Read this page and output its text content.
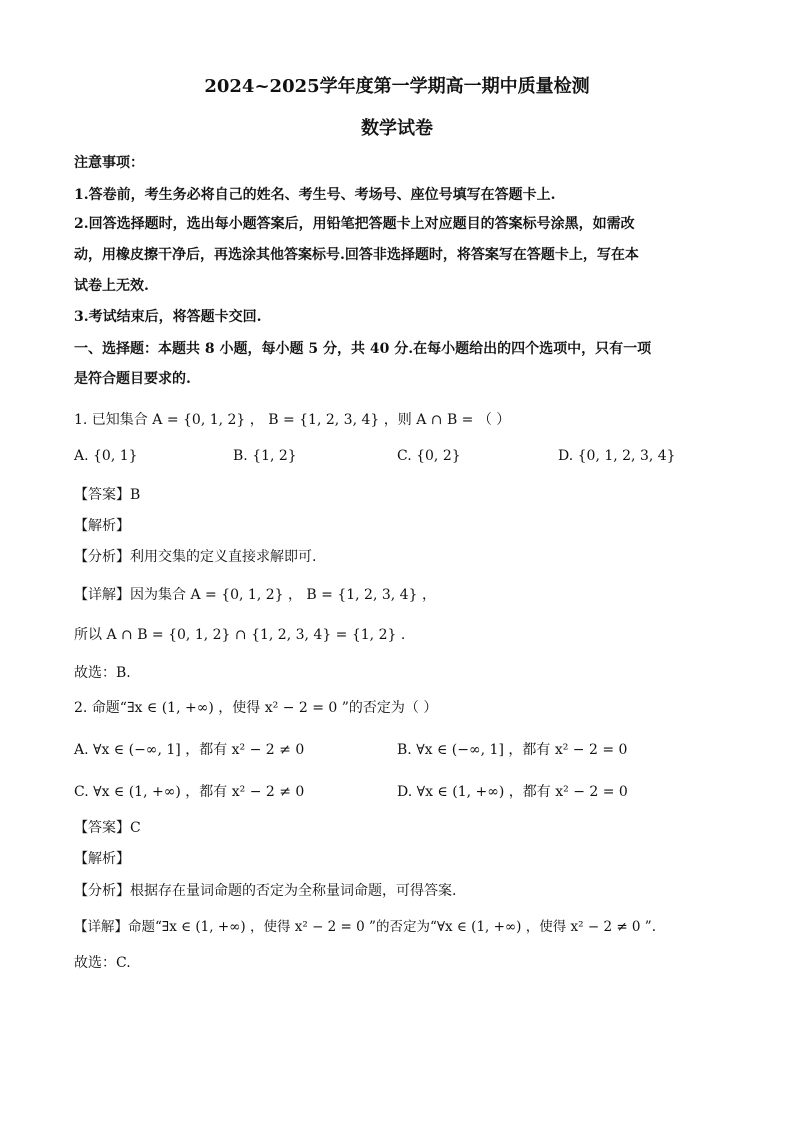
2024~2025学年度第一学期高一期中质量检测
数学试卷
注意事项：
1.答卷前，考生务必将自己的姓名、考生号、考场号、座位号填写在答题卡上.
2.回答选择题时，选出每小题答案后，用铅笔把答题卡上对应题目的答案标号涂黑，如需改
动，用橡皮擦干净后，再选涂其他答案标号.回答非选择题时，将答案写在答题卡上，写在本
试卷上无效.
3.考试结束后，将答题卡交回.
一、选择题：本题共 8 小题，每小题 5 分，共 40 分.在每小题给出的四个选项中，只有一项
是符合题目要求的.
1. 已知集合 A = {0, 1, 2} ， B = {1, 2, 3, 4} ，则 A ∩ B = （ ）
A. {0, 1}	B. {1, 2}	C. {0, 2}	D. {0, 1, 2, 3, 4}
【答案】B
【解析】
【分析】利用交集的定义直接求解即可.
【详解】因为集合 A = {0, 1, 2} ， B = {1, 2, 3, 4} ，
所以 A ∩ B = {0, 1, 2} ∩ {1, 2, 3, 4} = {1, 2} .
故选：B.
2. 命题“∃x ∈ (1, +∞) ，使得 x² − 2 = 0 ”的否定为（ ）
A. ∀x ∈ (−∞, 1] ，都有 x² − 2 ≠ 0	B. ∀x ∈ (−∞, 1] ，都有 x² − 2 = 0
C. ∀x ∈ (1, +∞) ，都有 x² − 2 ≠ 0	D. ∀x ∈ (1, +∞) ，都有 x² − 2 = 0
【答案】C
【解析】
【分析】根据存在量词命题的否定为全称量词命题，可得答案.
【详解】命题“∃x ∈ (1, +∞) ，使得 x² − 2 = 0 ”的否定为“∀x ∈ (1, +∞) ，使得 x² − 2 ≠ 0 ”.
故选：C.
